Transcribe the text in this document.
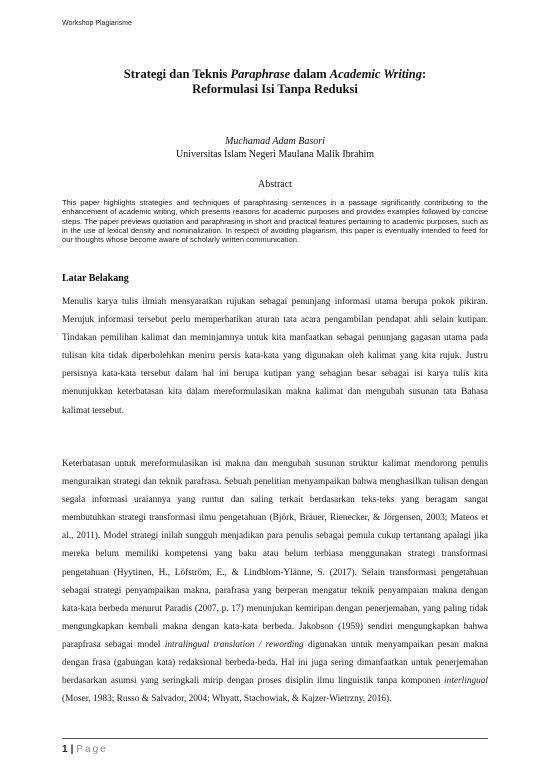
Workshop Plagiarisme
Strategi dan Teknis Paraphrase dalam Academic Writing:
Reformulasi Isi Tanpa Reduksi
Muchamad Adam Basori
Universitas Islam Negeri Maulana Malik Ibrahim
Abstract

This paper highlights strategies and techniques of paraphrasing sentences in a passage significantly contributing to the enhancement of academic writing, which presents reasons for academic purposes and provides examples followed by concise steps. The paper previews quotation and paraphrasing in short and practical features pertaining to academic purposes, such as in the use of lexical density and nominalization. In respect of avoiding plagiarism, this paper is eventually intended to feed for our thoughts whose become aware of scholarly written communication.

Latar Belakang

Menulis karya tulis ilmiah mensyaratkan rujukan sebagai penunjang informasi utama berupa pokok pikiran. Merujuk informasi tersebut perlu memperhatikan aturan tata acara pengambilan pendapat ahli selain kutipan. Tindakan pemilihan kalimat dan meminjamnya untuk kita manfaatkan sebagai penunjang gagasan utama pada tulisan kita tidak diperbolehkan meniru persis kata-kata yang digunakan oleh kalimat yang kita rujuk. Justru persisnya kata-kata tersebut dalam hal ini berupa kutipan yang sebagian besar sebagai isi karya tulis kita menunjukkan keterbatasan kita dalam mereformulasikan makna kalimat dan mengubah susunan tata Bahasa kalimat tersebut.

Keterbatasan untuk mereformulasikan isi makna dan mengubah susunan struktur kalimat mendorong penulis menguraikan strategi dan teknik parafrasa. Sebuah penelitian menyampaikan bahwa menghasilkan tulisan dengan segala informasi uraiannya yang runtut dan saling terkait berdasarkan teks-teks yang beragam sangat membutuhkan strategi transformasi ilmu pengetahuan (Björk, Bräuer, Rienecker, & Jörgensen, 2003; Mateos et al., 2011). Model strategi inilah sungguh menjadikan para penulis sebagai pemula cukup tertantang apalagi jika mereka belum memiliki kompetensi yang baku atau belum terbiasa menggunakan strategi transformasi pengetahuan (Hyytinen, H., Löfström, E., & Lindblom-Ylänne, S. (2017). Selain transformasi pengetahuan sebagai strategi penyampaikan makna, parafrasa yang berperan mengatur teknik penyampaian makna dengan kata-kata berbeda menurut Paradis (2007, p. 17) menunjukan kemiripan dengan penerjemahan, yang paling tidak mengungkapkan kembali makna dengan kata-kata berbeda. Jakobson (1959) sendiri mengungkapkan bahwa parapfrasa sebagai model intralingual translation / rewording digunakan untuk menyampaikan pesan makna dengan frasa (gabungan kata) redaksional berbeda-beda. Hal ini juga sering dimanfaatkan untuk penerjemahan berdasarkan asumsi yang seringkali mirip dengan proses disiplin ilmu linguistik tanpa komponen interlingual (Moser, 1983; Russo & Salvador, 2004; Whyatt, Stachowiak, & Kajzer-Wietrzny, 2016).

1 | Page
